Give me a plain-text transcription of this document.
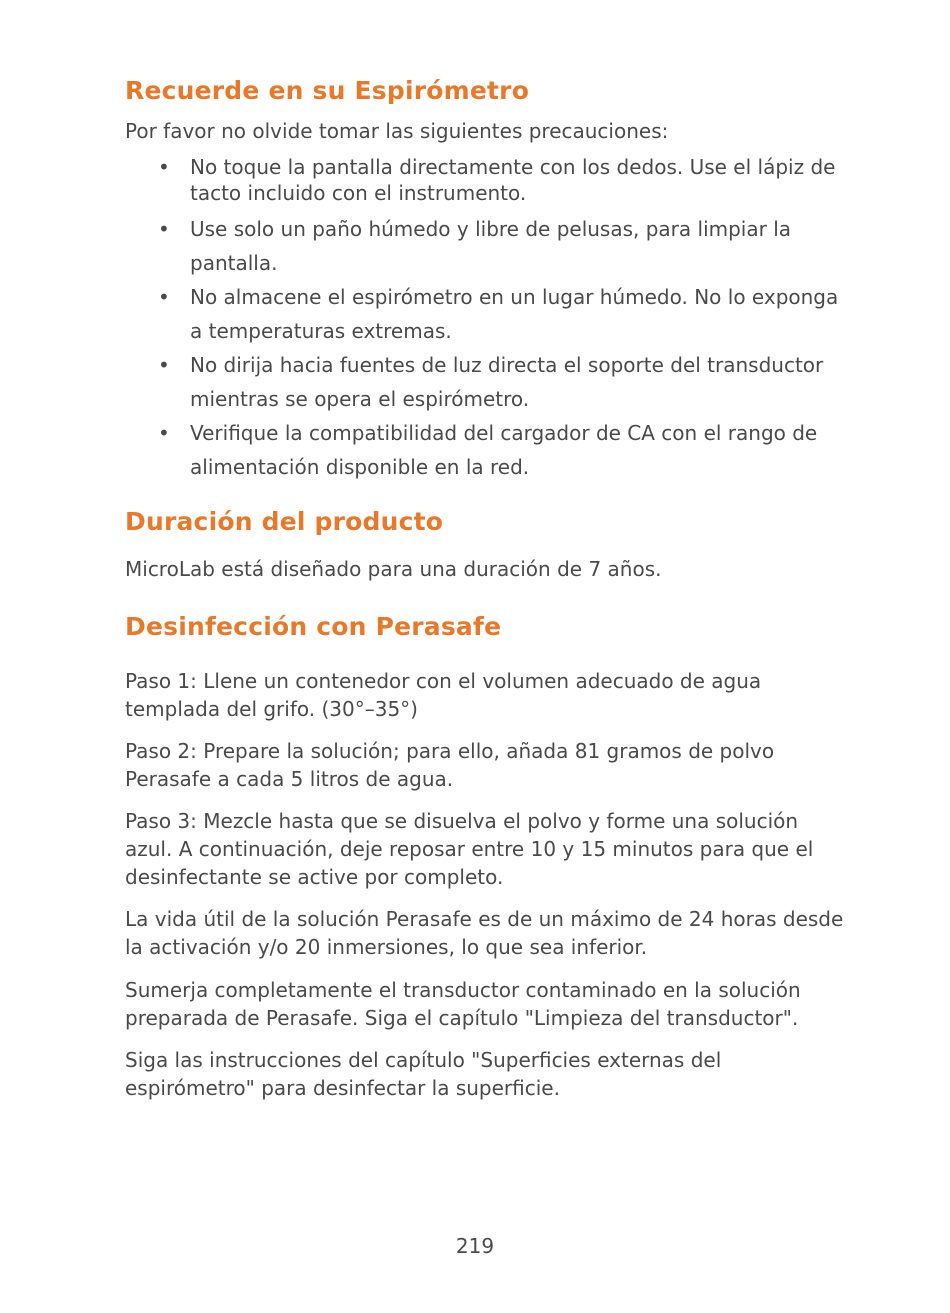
Recuerde en su Espirómetro

Por favor no olvide tomar las siguientes precauciones:

• No toque la pantalla directamente con los dedos. Use el lápiz de tacto incluido con el instrumento.
• Use solo un paño húmedo y libre de pelusas, para limpiar la pantalla.
• No almacene el espirómetro en un lugar húmedo. No lo exponga a temperaturas extremas.
• No dirija hacia fuentes de luz directa el soporte del transductor mientras se opera el espirómetro.
• Verifique la compatibilidad del cargador de CA con el rango de alimentación disponible en la red.
Duración del producto

MicroLab está diseñado para una duración de 7 años.

Desinfección con Perasafe

Paso 1: Llene un contenedor con el volumen adecuado de agua templada del grifo. (30°–35°)

Paso 2: Prepare la solución; para ello, añada 81 gramos de polvo Perasafe a cada 5 litros de agua.

Paso 3: Mezcle hasta que se disuelva el polvo y forme una solución azul. A continuación, deje reposar entre 10 y 15 minutos para que el desinfectante se active por completo.

La vida útil de la solución Perasafe es de un máximo de 24 horas desde la activación y/o 20 inmersiones, lo que sea inferior.

Sumerja completamente el transductor contaminado en la solución preparada de Perasafe. Siga el capítulo "Limpieza del transductor".

Siga las instrucciones del capítulo "Superficies externas del espirómetro" para desinfectar la superficie.

219
